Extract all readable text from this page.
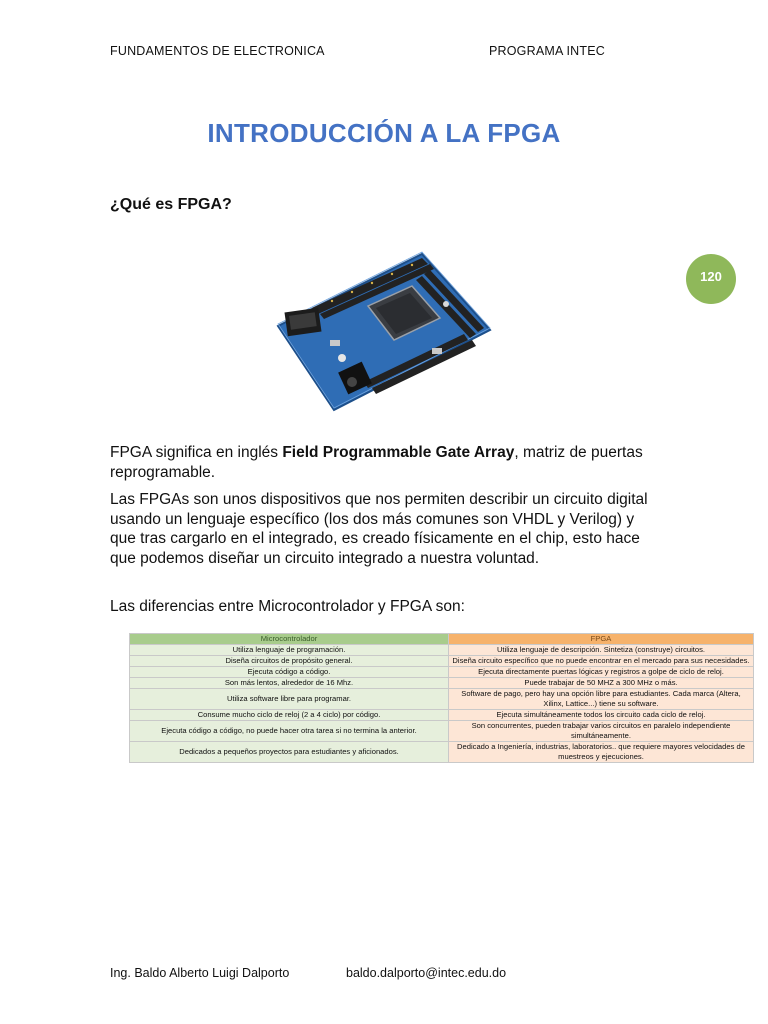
FUNDAMENTOS DE ELECTRONICA	PROGRAMA INTEC
INTRODUCCIÓN A LA FPGA
¿Qué es FPGA?
120
FPGA significa en inglés Field Programmable Gate Array, matriz de puertas reprogramable.
Las FPGAs son unos dispositivos que nos permiten describir un circuito digital usando un lenguaje específico (los dos más comunes son VHDL y Verilog) y que tras cargarlo en el integrado, es creado físicamente en el chip, esto hace que podemos diseñar un circuito integrado a nuestra voluntad.
Las diferencias entre Microcontrolador y FPGA son:
Microcontrolador	FPGA
Utiliza lenguaje de programación.	Utiliza lenguaje de descripción. Sintetiza (construye) circuitos.
Diseña circuitos de propósito general.	Diseña circuito específico que no puede encontrar en el mercado para sus necesidades.
Ejecuta código a código.	Ejecuta directamente puertas lógicas y registros a golpe de ciclo de reloj.
Son más lentos, alrededor de 16 Mhz.	Puede trabajar de 50 MHZ a 300 MHz o más.
Utiliza software libre para programar.	Software de pago, pero hay una opción libre para estudiantes. Cada marca (Altera, Xilinx, Lattice...) tiene su software.
Consume mucho ciclo de reloj (2 a 4 ciclo) por código.	Ejecuta simultáneamente todos los circuito cada ciclo de reloj.
Ejecuta código a código, no puede hacer otra tarea si no termina la anterior.	Son concurrentes, pueden trabajar varios circuitos en paralelo independiente simultáneamente.
Dedicados a pequeños proyectos para estudiantes y aficionados.	Dedicado a Ingeniería, industrias, laboratorios.. que requiere mayores velocidades de muestreos y ejecuciones.
Ing. Baldo Alberto Luigi Dalporto	baldo.dalporto@intec.edu.do
